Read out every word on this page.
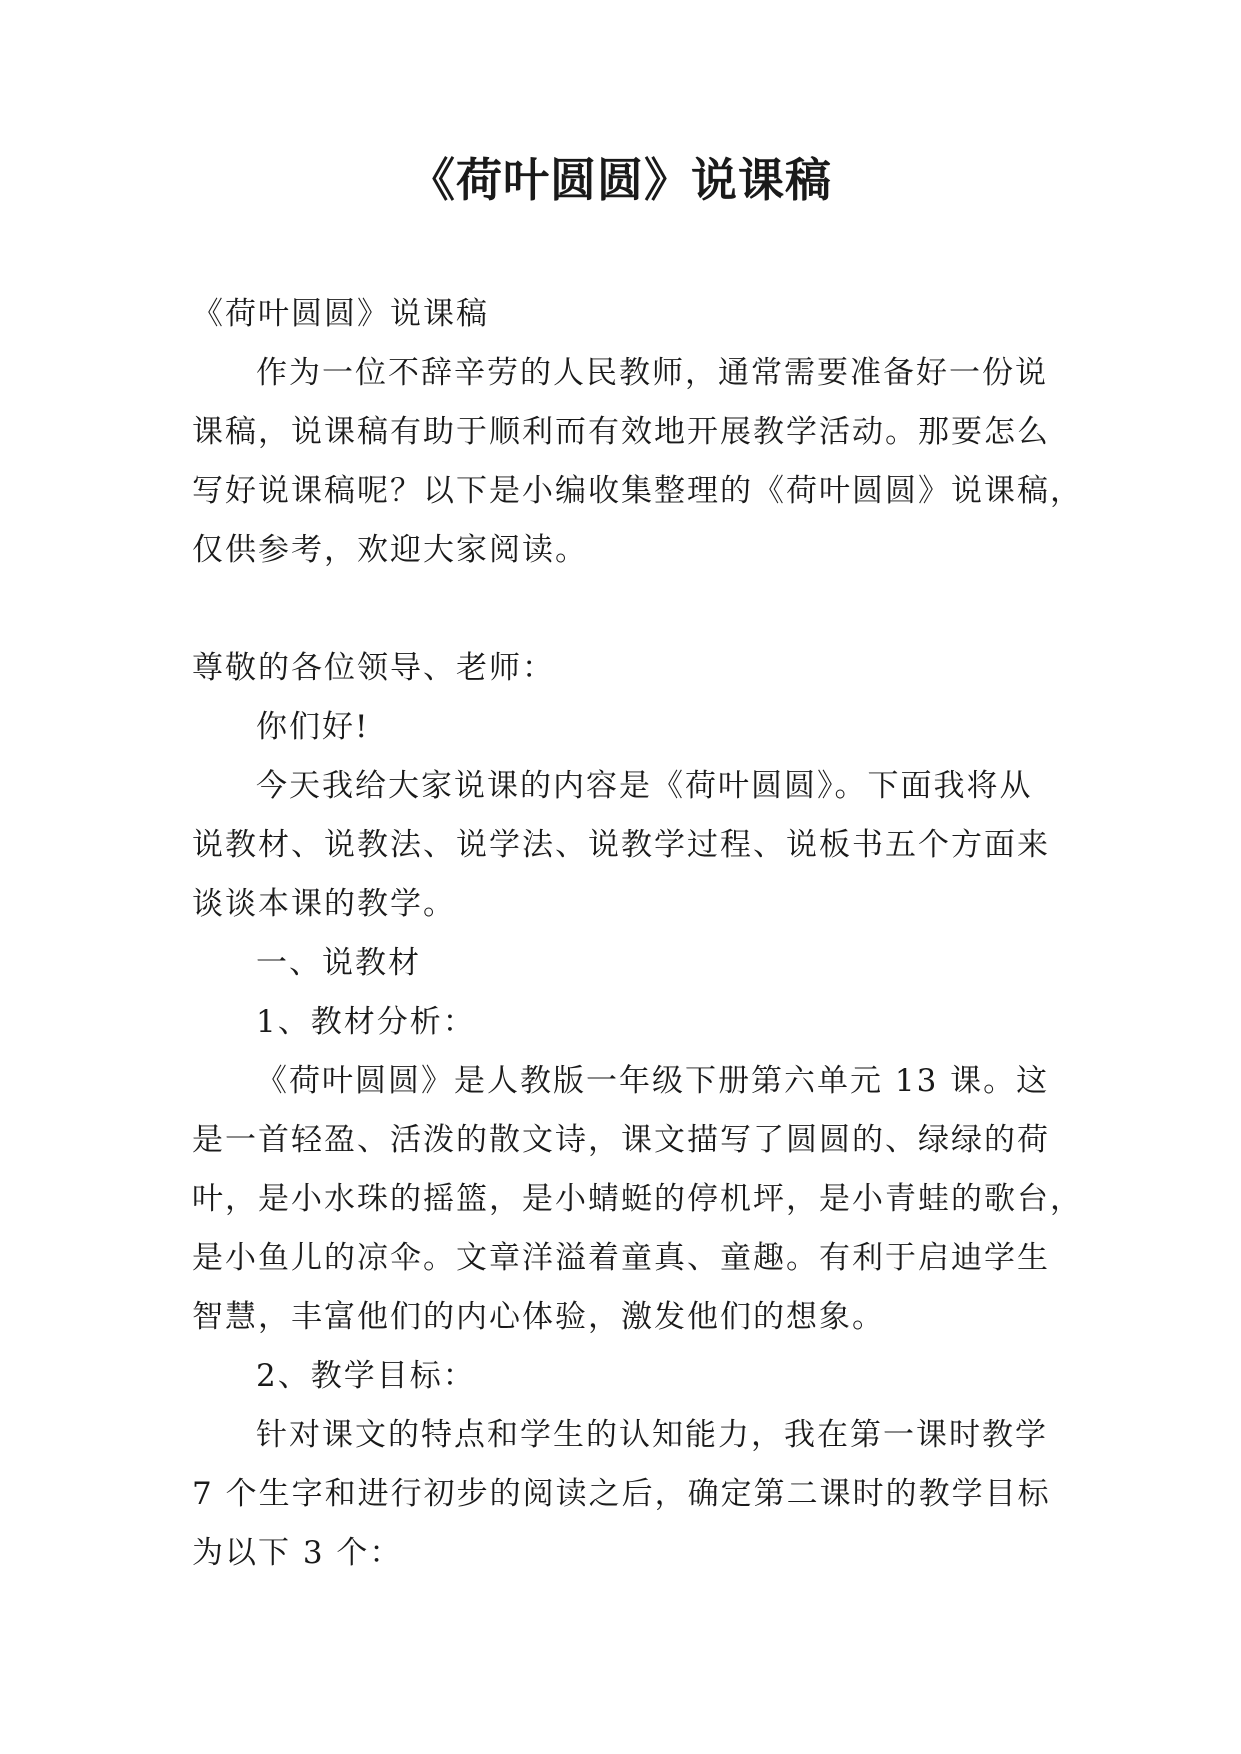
《荷叶圆圆》说课稿
《荷叶圆圆》说课稿
作为一位不辞辛劳的人民教师，通常需要准备好一份说
课稿，说课稿有助于顺利而有效地开展教学活动。那要怎么
写好说课稿呢？以下是小编收集整理的《荷叶圆圆》说课稿，
仅供参考，欢迎大家阅读。
尊敬的各位领导、老师：
你们好!
今天我给大家说课的内容是《荷叶圆圆》。下面我将从
说教材、说教法、说学法、说教学过程、说板书五个方面来
谈谈本课的教学。
一、说教材
1、教材分析：
《荷叶圆圆》是人教版一年级下册第六单元 13 课。这
是一首轻盈、活泼的散文诗，课文描写了圆圆的、绿绿的荷
叶，是小水珠的摇篮，是小蜻蜓的停机坪，是小青蛙的歌台，
是小鱼儿的凉伞。文章洋溢着童真、童趣。有利于启迪学生
智慧，丰富他们的内心体验，激发他们的想象。
2、教学目标：
针对课文的特点和学生的认知能力，我在第一课时教学
7 个生字和进行初步的阅读之后，确定第二课时的教学目标
为以下 3 个：
